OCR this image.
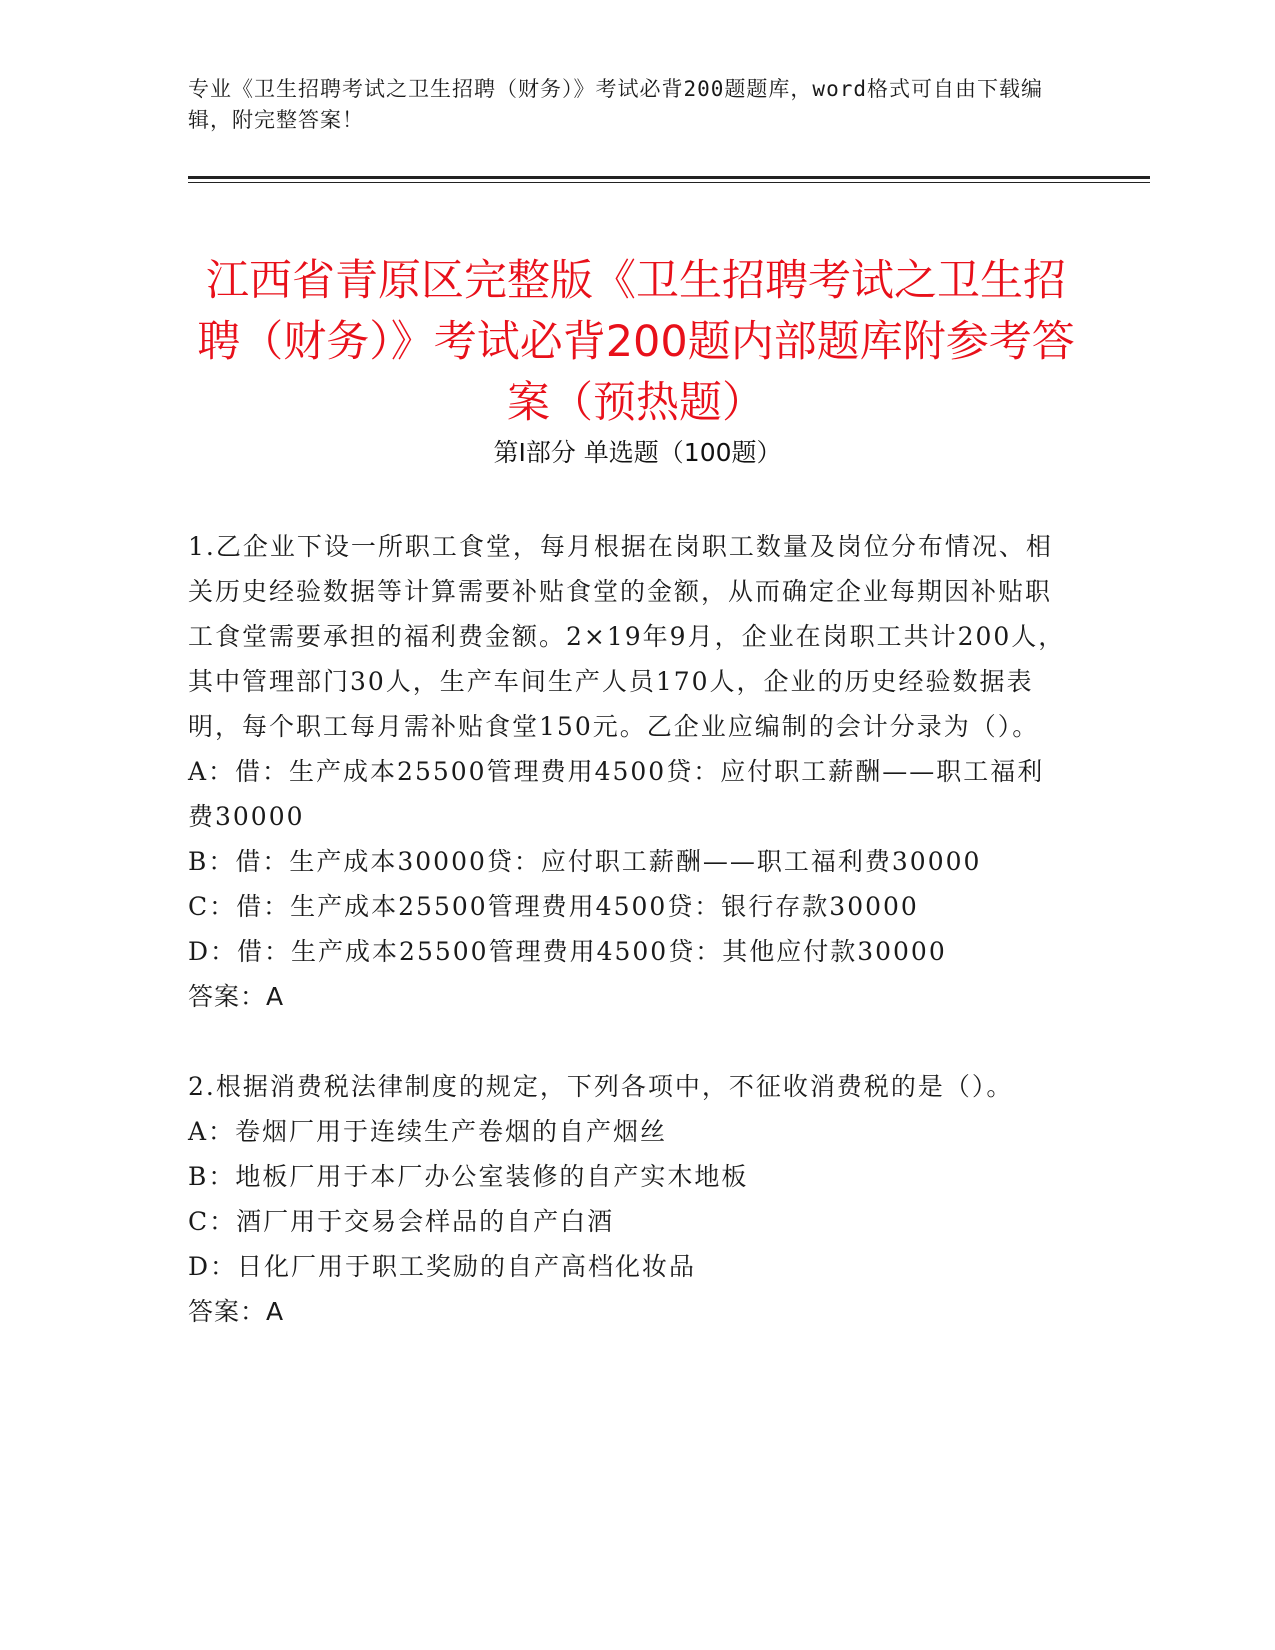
专业《卫生招聘考试之卫生招聘（财务）》考试必背200题题库，word格式可自由下载编辑，附完整答案！
江西省青原区完整版《卫生招聘考试之卫生招聘（财务）》考试必背200题内部题库附参考答案（预热题）
第Ⅰ部分 单选题（100题）

1.乙企业下设一所职工食堂，每月根据在岗职工数量及岗位分布情况、相关历史经验数据等计算需要补贴食堂的金额，从而确定企业每期因补贴职工食堂需要承担的福利费金额。2×19年9月，企业在岗职工共计200人，其中管理部门30人，生产车间生产人员170人，企业的历史经验数据表明，每个职工每月需补贴食堂150元。乙企业应编制的会计分录为（）。

A：借：生产成本25500管理费用4500贷：应付职工薪酬——职工福利费30000

B：借：生产成本30000贷：应付职工薪酬——职工福利费30000

C：借：生产成本25500管理费用4500贷：银行存款30000

D：借：生产成本25500管理费用4500贷：其他应付款30000

答案：A

2.根据消费税法律制度的规定，下列各项中，不征收消费税的是（）。

A：卷烟厂用于连续生产卷烟的自产烟丝

B：地板厂用于本厂办公室装修的自产实木地板

C：酒厂用于交易会样品的自产白酒

D：日化厂用于职工奖励的自产高档化妆品

答案：A
